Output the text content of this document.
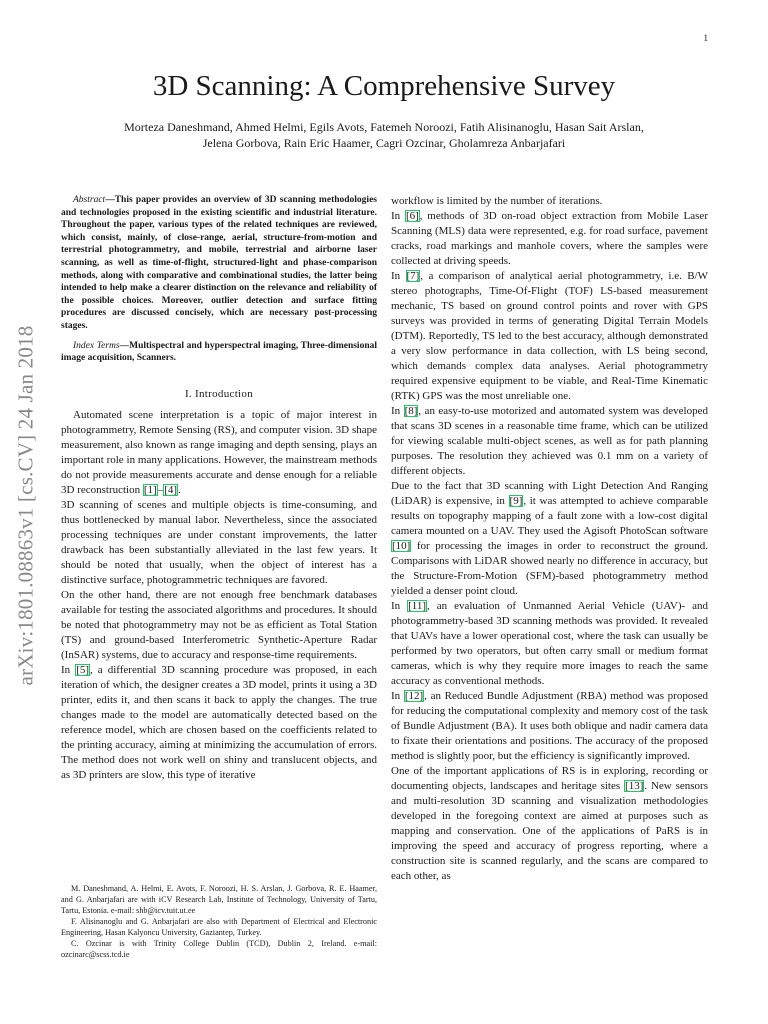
1
arXiv:1801.08863v1 [cs.CV] 24 Jan 2018
3D Scanning: A Comprehensive Survey
Morteza Daneshmand, Ahmed Helmi, Egils Avots, Fatemeh Noroozi, Fatih Alisinanoglu, Hasan Sait Arslan,
Jelena Gorbova, Rain Eric Haamer, Cagri Ozcinar, Gholamreza Anbarjafari

Abstract—This paper provides an overview of 3D scanning methodologies and technologies proposed in the existing scientific and industrial literature. Throughout the paper, various types of the related techniques are reviewed, which consist, mainly, of close-range, aerial, structure-from-motion and terrestrial photogrammetry, and mobile, terrestrial and airborne laser scanning, as well as time-of-flight, structured-light and phase-comparison methods, along with comparative and combinational studies, the latter being intended to help make a clearer distinction on the relevance and reliability of the possible choices. Moreover, outlier detection and surface fitting procedures are discussed concisely, which are necessary post-processing stages.

Index Terms—Multispectral and hyperspectral imaging, Three-dimensional image acquisition, Scanners.

I. Introduction

Automated scene interpretation is a topic of major interest in photogrammetry, Remote Sensing (RS), and computer vision. 3D shape measurement, also known as range imaging and depth sensing, plays an important role in many applications. However, the mainstream methods do not provide measurements accurate and dense enough for a reliable 3D reconstruction [1]–[4].

3D scanning of scenes and multiple objects is time-consuming, and thus bottlenecked by manual labor. Nevertheless, since the associated processing techniques are under constant improvements, the latter drawback has been substantially alleviated in the last few years. It should be noted that usually, when the object of interest has a distinctive surface, photogrammetric techniques are favored.

On the other hand, there are not enough free benchmark databases available for testing the associated algorithms and procedures. It should be noted that photogrammetry may not be as efficient as Total Station (TS) and ground-based Interferometric Synthetic-Aperture Radar (InSAR) systems, due to accuracy and response-time requirements.

In [5], a differential 3D scanning procedure was proposed, in each iteration of which, the designer creates a 3D model, prints it using a 3D printer, edits it, and then scans it back to apply the changes. The true changes made to the model are automatically detected based on the reference model, which are chosen based on the coefficients related to the printing accuracy, aiming at minimizing the accumulation of errors. The method does not work well on shiny and translucent objects, and as 3D printers are slow, this type of iterative

M. Daneshmand, A. Helmi, E. Avots, F. Noroozi, H. S. Arslan, J. Gorbova, R. E. Haamer, and G. Anbarjafari are with iCV Research Lab, Institute of Technology, University of Tartu, Tartu, Estonia. e-mail: shb@icv.tuit.ut.ee

F. Alisinanoglu and G. Anbarjafari are also with Department of Electrical and Electronic Engineering, Hasan Kalyoncu University, Gaziantep, Turkey.

C. Ozcinar is with Trinity College Dublin (TCD), Dublin 2, Ireland. e-mail: ozcinarc@scss.tcd.ie

workflow is limited by the number of iterations.

In [6], methods of 3D on-road object extraction from Mobile Laser Scanning (MLS) data were represented, e.g. for road surface, pavement cracks, road markings and manhole covers, where the samples were collected at driving speeds.

In [7], a comparison of analytical aerial photogrammetry, i.e. B/W stereo photographs, Time-Of-Flight (TOF) LS-based measurement mechanic, TS based on ground control points and rover with GPS surveys was provided in terms of generating Digital Terrain Models (DTM). Reportedly, TS led to the best accuracy, although demonstrated a very slow performance in data collection, with LS being second, which demands complex data analyses. Aerial photogrammetry required expensive equipment to be viable, and Real-Time Kinematic (RTK) GPS was the most unreliable one.

In [8], an easy-to-use motorized and automated system was developed that scans 3D scenes in a reasonable time frame, which can be utilized for viewing scalable multi-object scenes, as well as for path planning purposes. The resolution they achieved was 0.1 mm on a variety of different objects.

Due to the fact that 3D scanning with Light Detection And Ranging (LiDAR) is expensive, in [9], it was attempted to achieve comparable results on topography mapping of a fault zone with a low-cost digital camera mounted on a UAV. They used the Agisoft PhotoScan software [10] for processing the images in order to reconstruct the ground. Comparisons with LiDAR showed nearly no difference in accuracy, but the Structure-From-Motion (SFM)-based photogrammetry method yielded a denser point cloud.

In [11], an evaluation of Unmanned Aerial Vehicle (UAV)- and photogrammetry-based 3D scanning methods was provided. It revealed that UAVs have a lower operational cost, where the task can usually be performed by two operators, but often carry small or medium format cameras, which is why they require more images to reach the same accuracy as conventional methods.

In [12], an Reduced Bundle Adjustment (RBA) method was proposed for reducing the computational complexity and memory cost of the task of Bundle Adjustment (BA). It uses both oblique and nadir camera data to fixate their orientations and positions. The accuracy of the proposed method is slightly poor, but the efficiency is significantly improved.

One of the important applications of RS is in exploring, recording or documenting objects, landscapes and heritage sites [13]. New sensors and multi-resolution 3D scanning and visualization methodologies developed in the foregoing context are aimed at purposes such as mapping and conservation. One of the applications of PaRS is in improving the speed and accuracy of progress reporting, where a construction site is scanned regularly, and the scans are compared to each other, as
